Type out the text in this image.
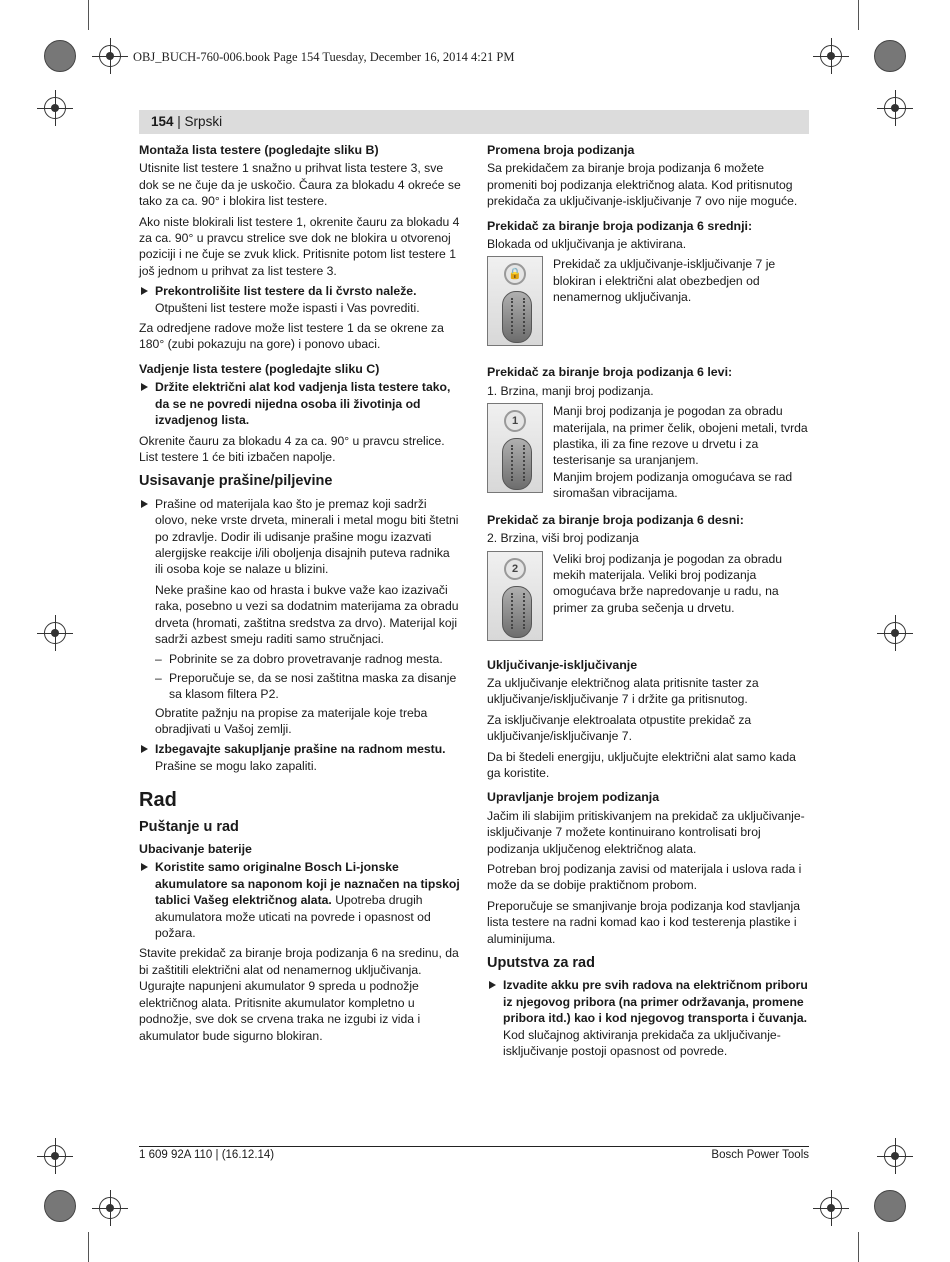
OBJ_BUCH-760-006.book Page 154 Tuesday, December 16, 2014 4:21 PM
154 | Srpski
Montaža lista testere (pogledajte sliku B)

Utisnite list testere 1 snažno u prihvat lista testere 3, sve dok se ne čuje da je uskočio. Čaura za blokadu 4 okreće se tako za ca. 90° i blokira list testere.

Ako niste blokirali list testere 1, okrenite čauru za blokadu 4 za ca. 90° u pravcu strelice sve dok ne blokira u otvorenoj poziciji i ne čuje se zvuk klick. Pritisnite potom list testere 1 još jednom u prihvat za list testere 3.

Prekontrolišite list testere da li čvrsto naleže.
Otpušteni list testere može ispasti i Vas povrediti.

Za odredjene radove može list testere 1 da se okrene za 180° (zubi pokazuju na gore) i ponovo ubaci.

Vadjenje lista testere (pogledajte sliku C)
Držite električni alat kod vadjenja lista testere tako, da se ne povredi nijedna osoba ili životinja od izvadjenog lista.

Okrenite čauru za blokadu 4 za ca. 90° u pravcu strelice. List testere 1 će biti izbačen napolje.

Usisavanje prašine/piljevine
Prašine od materijala kao što je premaz koji sadrži olovo, neke vrste drveta, minerali i metal mogu biti štetni po zdravlje. Dodir ili udisanje prašine mogu izazvati alergijske reakcije i/ili oboljenja disajnih puteva radnika ili osoba koje se nalaze u blizini.

Neke prašine kao od hrasta i bukve važe kao izazivači raka, posebno u vezi sa dodatnim materijama za obradu drveta (hromati, zaštitna sredstva za drvo). Materijal koji sadrži azbest smeju raditi samo stručnjaci.

– Pobrinite se za dobro provetravanje radnog mesta.
– Preporučuje se, da se nosi zaštitna maska za disanje sa klasom filtera P2.

Obratite pažnju na propise za materijale koje treba obradjivati u Vašoj zemlji.

Izbegavajte sakupljanje prašine na radnom mestu.
Prašine se mogu lako zapaliti.
Rad
Puštanje u rad
Ubacivanje baterije
Koristite samo originalne Bosch Li-jonske akumulatore sa naponom koji je naznačen na tipskoj tablici Vašeg električnog alata. Upotreba drugih akumulatora može uticati na povrede i opasnost od požara.

Stavite prekidač za biranje broja podizanja 6 na sredinu, da bi zaštitili električni alat od nenamernog uključivanja. Ugurajte napunjeni akumulator 9 spreda u podnožje električnog alata. Pritisnite akumulator kompletno u podnožje, sve dok se crvena traka ne izgubi iz vida i akumulator bude sigurno blokiran.

Promena broja podizanja

Sa prekidačem za biranje broja podizanja 6 možete promeniti boj podizanja električnog alata. Kod pritisnutog prekidača za uključivanje-isključivanje 7 ovo nije moguće.

Prekidač za biranje broja podizanja 6 srednji:

Blokada od uključivanja je aktivirana.

🔒
Prekidač za uključivanje-isključivanje 7 je blokiran i električni alat obezbedjen od nenamernog uključivanja.
Prekidač za biranje broja podizanja 6 levi:

1. Brzina, manji broj podizanja.

1
Manji broj podizanja je pogodan za obradu materijala, na primer čelik, obojeni metali, tvrda plastika, ili za fine rezove u drvetu i za testerisanje sa uranjanjem.
Manjim brojem podizanja omogućava se rad siromašan vibracijama.
Prekidač za biranje broja podizanja 6 desni:

2. Brzina, viši broj podizanja

2
Veliki broj podizanja je pogodan za obradu mekih materijala. Veliki broj podizanja omogućava brže napredovanje u radu, na primer za gruba sečenja u drvetu.
Uključivanje-isključivanje

Za uključivanje električnog alata pritisnite taster za uključivanje/isključivanje 7 i držite ga pritisnutog.

Za isključivanje elektroalata otpustite prekidač za uključivanje/isključivanje 7.

Da bi štedeli energiju, uključujte električni alat samo kada ga koristite.

Upravljanje brojem podizanja

Jačim ili slabijim pritiskivanjem na prekidač za uključivanje-isključivanje 7 možete kontinuirano kontrolisati broj podizanja uključenog električnog alata.

Potreban broj podizanja zavisi od materijala i uslova rada i može da se dobije praktičnom probom.

Preporučuje se smanjivanje broja podizanja kod stavljanja lista testere na radni komad kao i kod testerenja plastike i aluminijuma.

Uputstva za rad
Izvadite akku pre svih radova na električnom priboru iz njegovog pribora (na primer održavanja, promene pribora itd.) kao i kod njegovog transporta i čuvanja.
Kod slučajnog aktiviranja prekidača za uključivanje-isključivanje postoji opasnost od povrede.
1 609 92A 110 | (16.12.14)	Bosch Power Tools
